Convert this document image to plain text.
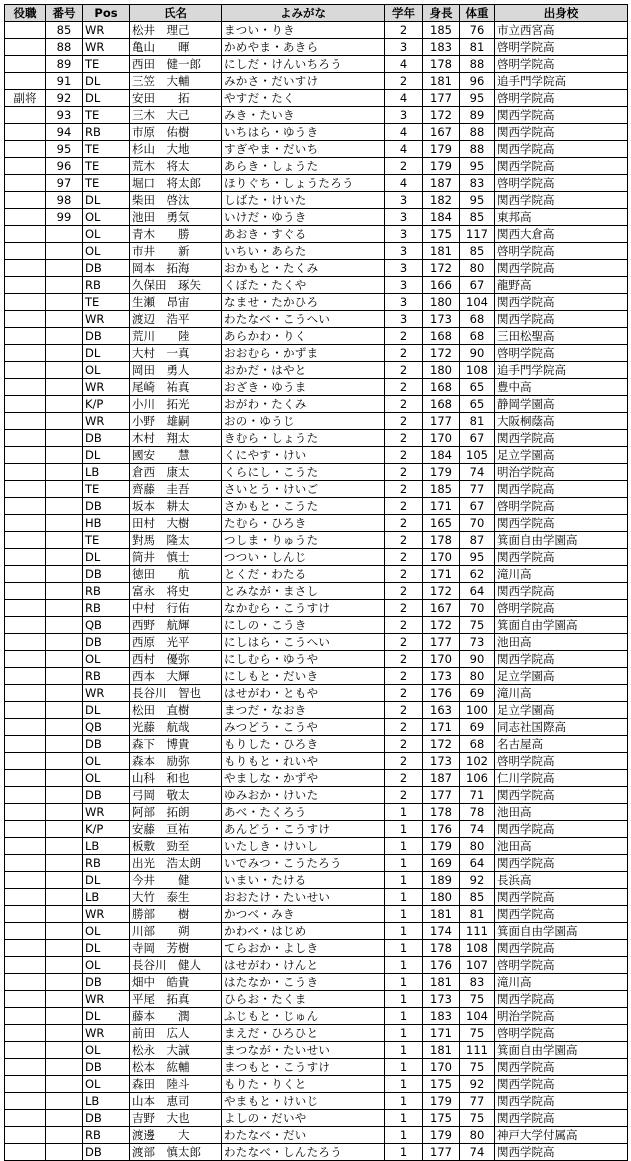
役職	番号	Pos	氏名	よみがな	学年	身長	体重	出身校
	85	WR	松井　理己	まつい・りき	2	185	76	市立西宮高
	88	WR	亀山　　暉	かめやま・あきら	3	183	81	啓明学院高
	89	TE	西田　健一郎	にしだ・けんいちろう	4	178	88	啓明学院高
	91	DL	三笠　大輔	みかさ・だいすけ	2	181	96	追手門学院高
副将	92	DL	安田　　拓	やすだ・たく	4	177	95	啓明学院高
	93	TE	三木　大己	みき・たいき	3	172	89	関西学院高
	94	RB	市原　佑樹	いちはら・ゆうき	4	167	88	関西学院高
	95	TE	杉山　大地	すぎやま・だいち	4	179	88	関西学院高
	96	TE	荒木　将太	あらき・しょうた	2	179	95	関西学院高
	97	TE	堀口　将太郎	ほりぐち・しょうたろう	4	187	83	啓明学院高
	98	DL	柴田　啓汰	しばた・けいた	3	182	95	関西学院高
	99	OL	池田　勇気	いけだ・ゆうき	3	184	85	東邦高
		OL	青木　　勝	あおき・すぐる	3	175	117	関西大倉高
		OL	市井　　新	いちい・あらた	3	181	85	啓明学院高
		DB	岡本　拓海	おかもと・たくみ	3	172	80	関西学院高
		RB	久保田　琢矢	くぼた・たくや	3	166	67	龍野高
		TE	生瀬　昂宙	なませ・たかひろ	3	180	104	関西学院高
		WR	渡辺　浩平	わたなべ・こうへい	3	173	68	関西学院高
		DB	荒川　　陸	あらかわ・りく	2	168	68	三田松聖高
		DL	大村　一真	おおむら・かずま	2	172	90	啓明学院高
		OL	岡田　勇人	おかだ・はやと	2	180	108	追手門学院高
		WR	尾崎　祐真	おざき・ゆうま	2	168	65	豊中高
		K/P	小川　拓光	おがわ・たくみ	2	168	65	静岡学園高
		WR	小野　雄嗣	おの・ゆうじ	2	177	81	大阪桐蔭高
		DB	木村　翔太	きむら・しょうた	2	170	67	関西学院高
		DL	國安　　慧	くにやす・けい	2	184	105	足立学園高
		LB	倉西　康太	くらにし・こうた	2	179	74	明治学院高
		TE	齊藤　圭吾	さいとう・けいご	2	185	77	関西学院高
		DB	坂本　耕太	さかもと・こうた	2	171	67	啓明学院高
		HB	田村　大樹	たむら・ひろき	2	165	70	関西学院高
		TE	對馬　隆太	つしま・りゅうた	2	178	87	箕面自由学園高
		DL	筒井　慎士	つつい・しんじ	2	170	95	関西学院高
		DB	徳田　　航	とくだ・わたる	2	171	62	滝川高
		RB	富永　将史	とみなが・まさし	2	172	64	関西学院高
		RB	中村　行佑	なかむら・こうすけ	2	167	70	啓明学院高
		QB	西野　航輝	にしの・こうき	2	172	75	箕面自由学園高
		DB	西原　光平	にしはら・こうへい	2	177	73	池田高
		OL	西村　優弥	にしむら・ゆうや	2	170	90	関西学院高
		RB	西本　大輝	にしもと・だいき	2	173	80	足立学園高
		WR	長谷川　智也	はせがわ・ともや	2	176	69	滝川高
		DL	松田　直樹	まつだ・なおき	2	163	100	足立学園高
		QB	光藤　航哉	みつどう・こうや	2	171	69	同志社国際高
		DB	森下　博貴	もりした・ひろき	2	172	68	名古屋高
		OL	森本　励弥	もりもと・れいや	2	173	102	啓明学院高
		OL	山科　和也	やましな・かずや	2	187	106	仁川学院高
		DB	弓岡　敬太	ゆみおか・けいた	2	177	71	関西学院高
		WR	阿部　拓朗	あべ・たくろう	1	178	78	池田高
		K/P	安藤　亘祐	あんどう・こうすけ	1	176	74	関西学院高
		LB	板敷　勁至	いたしき・けいし	1	179	80	池田高
		RB	出光　浩太朗	いでみつ・こうたろう	1	169	64	関西学院高
		DL	今井　　健	いまい・たける	1	189	92	長浜高
		LB	大竹　泰生	おおたけ・たいせい	1	180	85	関西学院高
		WR	勝部　　樹	かつべ・みき	1	181	81	関西学院高
		OL	川部　　朔	かわべ・はじめ	1	174	111	箕面自由学園高
		DL	寺岡　芳樹	てらおか・よしき	1	178	108	関西学院高
		OL	長谷川　健人	はせがわ・けんと	1	176	107	啓明学院高
		DB	畑中　皓貴	はたなか・こうき	1	181	83	滝川高
		WR	平尾　拓真	ひらお・たくま	1	173	75	関西学院高
		DL	藤本　　潤	ふじもと・じゅん	1	183	104	明治学院高
		WR	前田　広人	まえだ・ひろひと	1	171	75	啓明学院高
		OL	松永　大誠	まつなが・たいせい	1	181	111	箕面自由学園高
		DB	松本　紘輔	まつもと・こうすけ	1	170	75	関西学院高
		OL	森田　陸斗	もりた・りくと	1	175	92	関西学院高
		LB	山本　恵司	やまもと・けいじ	1	179	77	関西学院高
		DB	吉野　大也	よしの・だいや	1	175	75	関西学院高
		RB	渡邊　　大	わたなべ・だい	1	179	80	神戸大学付属高
		DB	渡部　慎太郎	わたなべ・しんたろう	1	177	74	関西学院高
